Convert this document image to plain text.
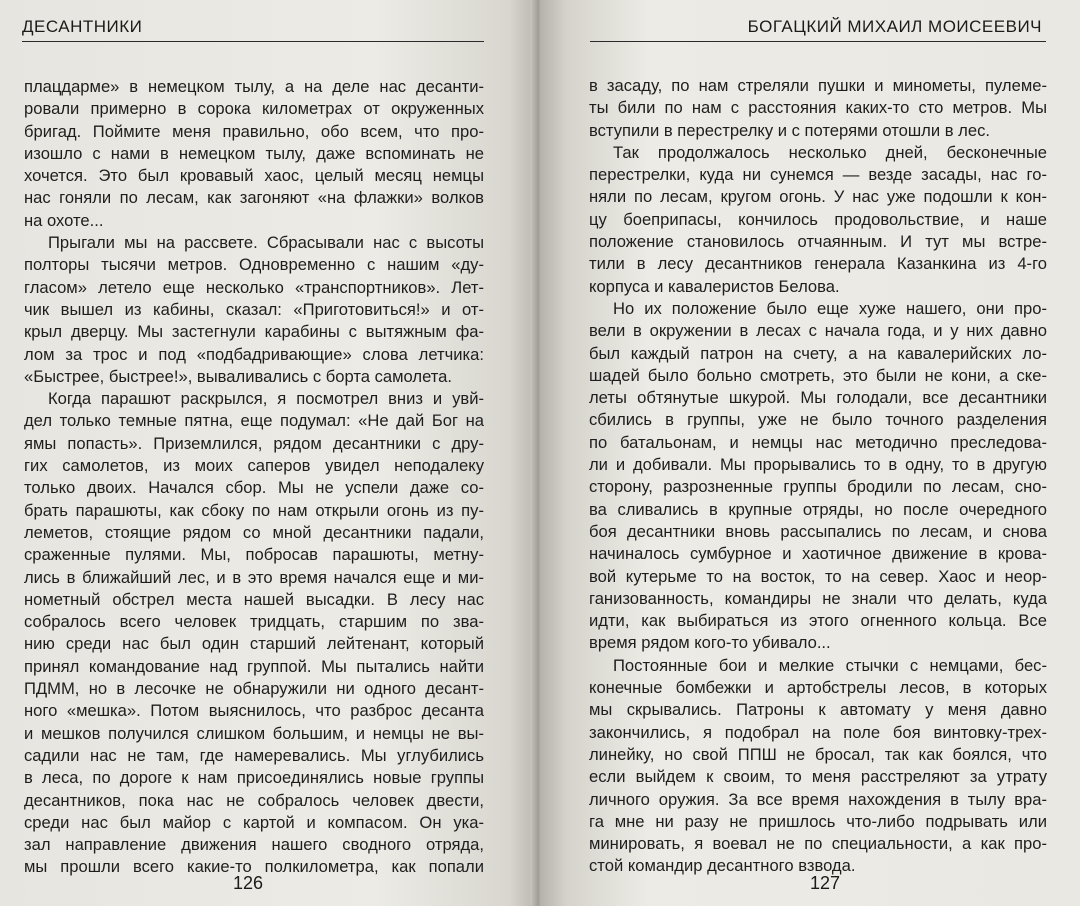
ДЕСАНТНИКИ
плацдарме» в немецком тылу, а на деле нас десанти-
ровали примерно в сорока километрах от окруженных
бригад. Поймите меня правильно, обо всем, что про-
изошло с нами в немецком тылу, даже вспоминать не
хочется. Это был кровавый хаос, целый месяц немцы
нас гоняли по лесам, как загоняют «на флажки» волков
на охоте...
Прыгали мы на рассвете. Сбрасывали нас с высоты
полторы тысячи метров. Одновременно с нашим «ду-
гласом» летело еще несколько «транспортников». Лет-
чик вышел из кабины, сказал: «Приготовиться!» и от-
крыл дверцу. Мы застегнули карабины с вытяжным фа-
лом за трос и под «подбадривающие» слова летчика:
«Быстрее, быстрее!», вываливались с борта самолета.
Когда парашют раскрылся, я посмотрел вниз и увй-
дел только темные пятна, еще подумал: «Не дай Бог на
ямы попасть». Приземлился, рядом десантники с дру-
гих самолетов, из моих саперов увидел неподалеку
только двоих. Начался сбор. Мы не успели даже со-
брать парашюты, как сбоку по нам открыли огонь из пу-
леметов, стоящие рядом со мной десантники падали,
сраженные пулями. Мы, побросав парашюты, метну-
лись в ближайший лес, и в это время начался еще и ми-
нометный обстрел места нашей высадки. В лесу нас
собралось всего человек тридцать, старшим по зва-
нию среди нас был один старший лейтенант, который
принял командование над группой. Мы пытались найти
ПДММ, но в лесочке не обнаружили ни одного десант-
ного «мешка». Потом выяснилось, что разброс десанта
и мешков получился слишком большим, и немцы не вы-
садили нас не там, где намеревались. Мы углубились
в леса, по дороге к нам присоединялись новые группы
десантников, пока нас не собралось человек двести,
среди нас был майор с картой и компасом. Он ука-
зал направление движения нашего сводного отряда,
мы прошли всего какие-то полкилометра, как попали
126
БОГАЦКИЙ МИХАИЛ МОИСЕЕВИЧ
в засаду, по нам стреляли пушки и минометы, пулеме-
ты били по нам с расстояния каких-то сто метров. Мы
вступили в перестрелку и с потерями отошли в лес.
Так продолжалось несколько дней, бесконечные
перестрелки, куда ни сунемся — везде засады, нас го-
няли по лесам, кругом огонь. У нас уже подошли к кон-
цу боеприпасы, кончилось продовольствие, и наше
положение становилось отчаянным. И тут мы встре-
тили в лесу десантников генерала Казанкина из 4-го
корпуса и кавалеристов Белова.
Но их положение было еще хуже нашего, они про-
вели в окружении в лесах с начала года, и у них давно
был каждый патрон на счету, а на кавалерийских ло-
шадей было больно смотреть, это были не кони, а ске-
леты обтянутые шкурой. Мы голодали, все десантники
сбились в группы, уже не было точного разделения
по батальонам, и немцы нас методично преследова-
ли и добивали. Мы прорывались то в одну, то в другую
сторону, разрозненные группы бродили по лесам, сно-
ва сливались в крупные отряды, но после очередного
боя десантники вновь рассыпались по лесам, и снова
начиналось сумбурное и хаотичное движение в крова-
вой кутерьме то на восток, то на север. Хаос и неор-
ганизованность, командиры не знали что делать, куда
идти, как выбираться из этого огненного кольца. Все
время рядом кого-то убивало...
Постоянные бои и мелкие стычки с немцами, бес-
конечные бомбежки и артобстрелы лесов, в которых
мы скрывались. Патроны к автомату у меня давно
закончились, я подобрал на поле боя винтовку-трех-
линейку, но свой ППШ не бросал, так как боялся, что
если выйдем к своим, то меня расстреляют за утрату
личного оружия. За все время нахождения в тылу вра-
га мне ни разу не пришлось что-либо подрывать или
минировать, я воевал не по специальности, а как про-
стой командир десантного взвода.
127
